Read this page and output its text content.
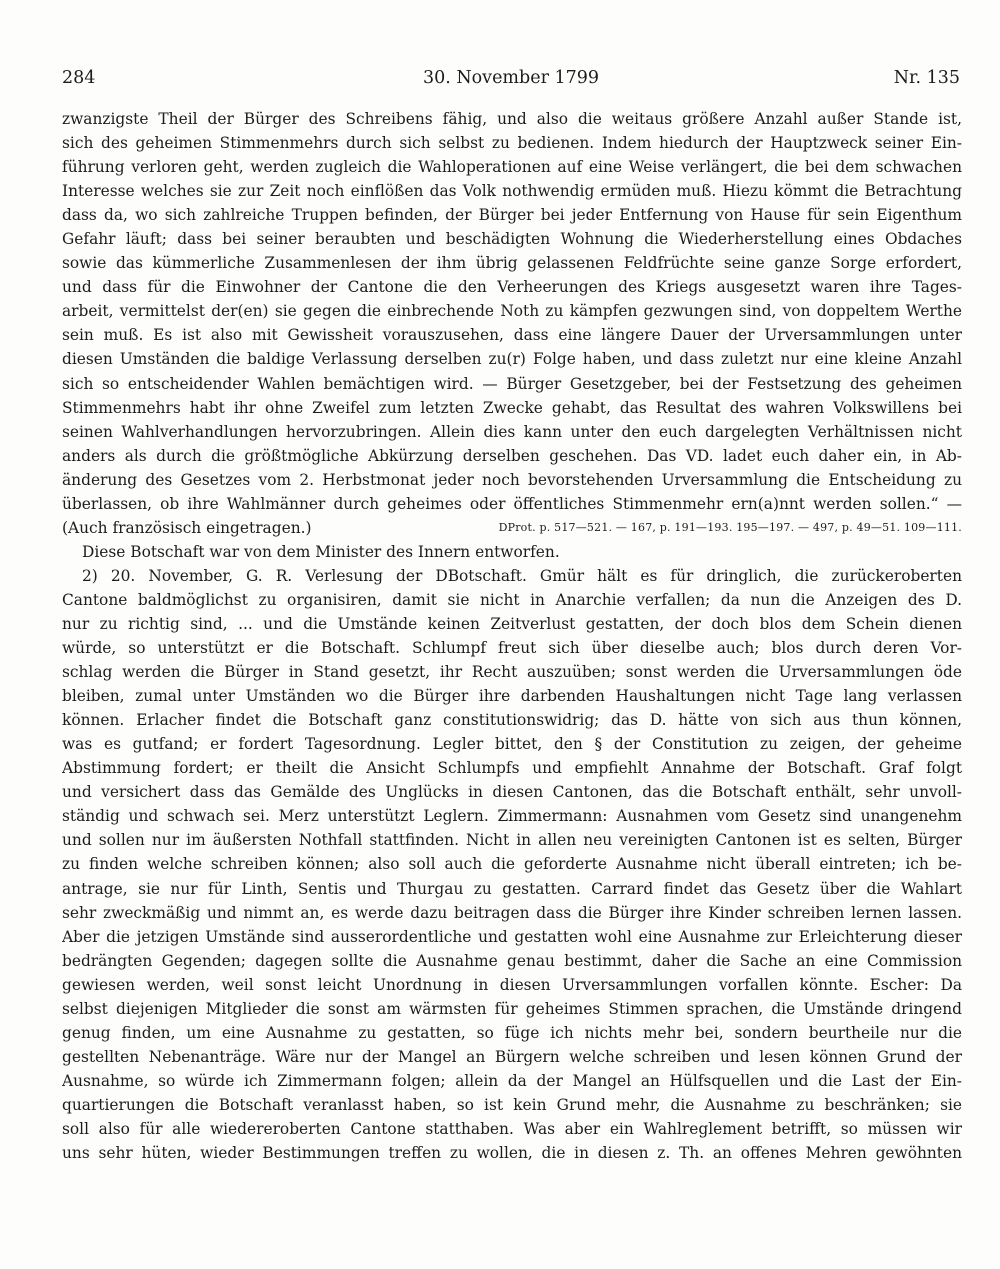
284	30. November 1799	Nr. 135
zwanzigste Theil der Bürger des Schreibens fähig, und also die weitaus größere Anzahl außer Stande ist,
sich des geheimen Stimmenmehrs durch sich selbst zu bedienen. Indem hiedurch der Hauptzweck seiner Ein-
führung verloren geht, werden zugleich die Wahloperationen auf eine Weise verlängert, die bei dem schwachen
Interesse welches sie zur Zeit noch einflößen das Volk nothwendig ermüden muß. Hiezu kömmt die Betrachtung
dass da, wo sich zahlreiche Truppen befinden, der Bürger bei jeder Entfernung von Hause für sein Eigenthum
Gefahr läuft; dass bei seiner beraubten und beschädigten Wohnung die Wiederherstellung eines Obdaches
sowie das kümmerliche Zusammenlesen der ihm übrig gelassenen Feldfrüchte seine ganze Sorge erfordert,
und dass für die Einwohner der Cantone die den Verheerungen des Kriegs ausgesetzt waren ihre Tages-
arbeit, vermittelst der(en) sie gegen die einbrechende Noth zu kämpfen gezwungen sind, von doppeltem Werthe
sein muß. Es ist also mit Gewissheit vorauszusehen, dass eine längere Dauer der Urversammlungen unter
diesen Umständen die baldige Verlassung derselben zu(r) Folge haben, und dass zuletzt nur eine kleine Anzahl
sich so entscheidender Wahlen bemächtigen wird. — Bürger Gesetzgeber, bei der Festsetzung des geheimen
Stimmenmehrs habt ihr ohne Zweifel zum letzten Zwecke gehabt, das Resultat des wahren Volkswillens bei
seinen Wahlverhandlungen hervorzubringen. Allein dies kann unter den euch dargelegten Verhältnissen nicht
anders als durch die größtmögliche Abkürzung derselben geschehen. Das VD. ladet euch daher ein, in Ab-
änderung des Gesetzes vom 2. Herbstmonat jeder noch bevorstehenden Urversammlung die Entscheidung zu
überlassen, ob ihre Wahlmänner durch geheimes oder öffentliches Stimmenmehr ern(a)nnt werden sollen.“ —
(Auch französisch eingetragen.)	DProt. p. 517—521. — 167, p. 191—193. 195—197. — 497, p. 49—51. 109—111.
Diese Botschaft war von dem Minister des Innern entworfen.
2) 20. November, G. R. Verlesung der DBotschaft. Gmür hält es für dringlich, die zurückeroberten
Cantone baldmöglichst zu organisiren, damit sie nicht in Anarchie verfallen; da nun die Anzeigen des D.
nur zu richtig sind, ... und die Umstände keinen Zeitverlust gestatten, der doch blos dem Schein dienen
würde, so unterstützt er die Botschaft. Schlumpf freut sich über dieselbe auch; blos durch deren Vor-
schlag werden die Bürger in Stand gesetzt, ihr Recht auszuüben; sonst werden die Urversammlungen öde
bleiben, zumal unter Umständen wo die Bürger ihre darbenden Haushaltungen nicht Tage lang verlassen
können. Erlacher findet die Botschaft ganz constitutionswidrig; das D. hätte von sich aus thun können,
was es gutfand; er fordert Tagesordnung. Legler bittet, den § der Constitution zu zeigen, der geheime
Abstimmung fordert; er theilt die Ansicht Schlumpfs und empfiehlt Annahme der Botschaft. Graf folgt
und versichert dass das Gemälde des Unglücks in diesen Cantonen, das die Botschaft enthält, sehr unvoll-
ständig und schwach sei. Merz unterstützt Leglern. Zimmermann: Ausnahmen vom Gesetz sind unangenehm
und sollen nur im äußersten Nothfall stattfinden. Nicht in allen neu vereinigten Cantonen ist es selten, Bürger
zu finden welche schreiben können; also soll auch die geforderte Ausnahme nicht überall eintreten; ich be-
antrage, sie nur für Linth, Sentis und Thurgau zu gestatten. Carrard findet das Gesetz über die Wahlart
sehr zweckmäßig und nimmt an, es werde dazu beitragen dass die Bürger ihre Kinder schreiben lernen lassen.
Aber die jetzigen Umstände sind ausserordentliche und gestatten wohl eine Ausnahme zur Erleichterung dieser
bedrängten Gegenden; dagegen sollte die Ausnahme genau bestimmt, daher die Sache an eine Commission
gewiesen werden, weil sonst leicht Unordnung in diesen Urversammlungen vorfallen könnte. Escher: Da
selbst diejenigen Mitglieder die sonst am wärmsten für geheimes Stimmen sprachen, die Umstände dringend
genug finden, um eine Ausnahme zu gestatten, so füge ich nichts mehr bei, sondern beurtheile nur die
gestellten Nebenanträge. Wäre nur der Mangel an Bürgern welche schreiben und lesen können Grund der
Ausnahme, so würde ich Zimmermann folgen; allein da der Mangel an Hülfsquellen und die Last der Ein-
quartierungen die Botschaft veranlasst haben, so ist kein Grund mehr, die Ausnahme zu beschränken; sie
soll also für alle wiedereroberten Cantone statthaben. Was aber ein Wahlreglement betrifft, so müssen wir
uns sehr hüten, wieder Bestimmungen treffen zu wollen, die in diesen z. Th. an offenes Mehren gewöhnten
